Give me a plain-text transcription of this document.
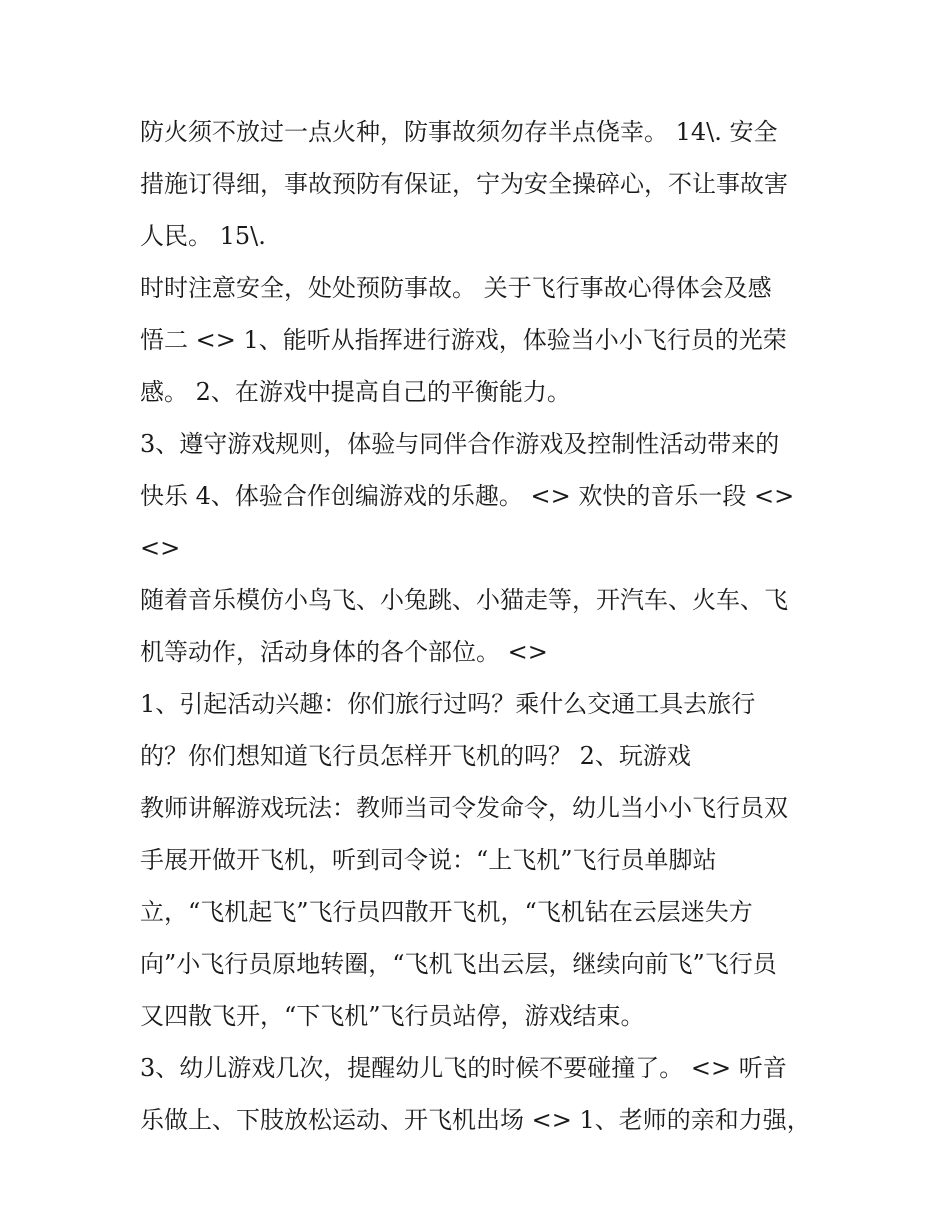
防火须不放过一点火种，防事故须勿存半点侥幸。 14\. 安全
措施订得细，事故预防有保证，宁为安全操碎心，不让事故害
人民。 15\.
时时注意安全，处处预防事故。 关于飞行事故心得体会及感
悟二 <> 1、能听从指挥进行游戏，体验当小小飞行员的光荣
感。 2、在游戏中提高自己的平衡能力。
3、遵守游戏规则，体验与同伴合作游戏及控制性活动带来的
快乐 4、体验合作创编游戏的乐趣。 <> 欢快的音乐一段 <>
<>
随着音乐模仿小鸟飞、小兔跳、小猫走等，开汽车、火车、飞
机等动作，活动身体的各个部位。 <>
1、引起活动兴趣：你们旅行过吗？乘什么交通工具去旅行
的？你们想知道飞行员怎样开飞机的吗？ 2、玩游戏
教师讲解游戏玩法：教师当司令发命令，幼儿当小小飞行员双
手展开做开飞机，听到司令说：“上飞机”飞行员单脚站
立，“飞机起飞”飞行员四散开飞机，“飞机钻在云层迷失方
向”小飞行员原地转圈，“飞机飞出云层，继续向前飞”飞行员
又四散飞开，“下飞机”飞行员站停，游戏结束。
3、幼儿游戏几次，提醒幼儿飞的时候不要碰撞了。 <> 听音
乐做上、下肢放松运动、开飞机出场 <> 1、老师的亲和力强，
